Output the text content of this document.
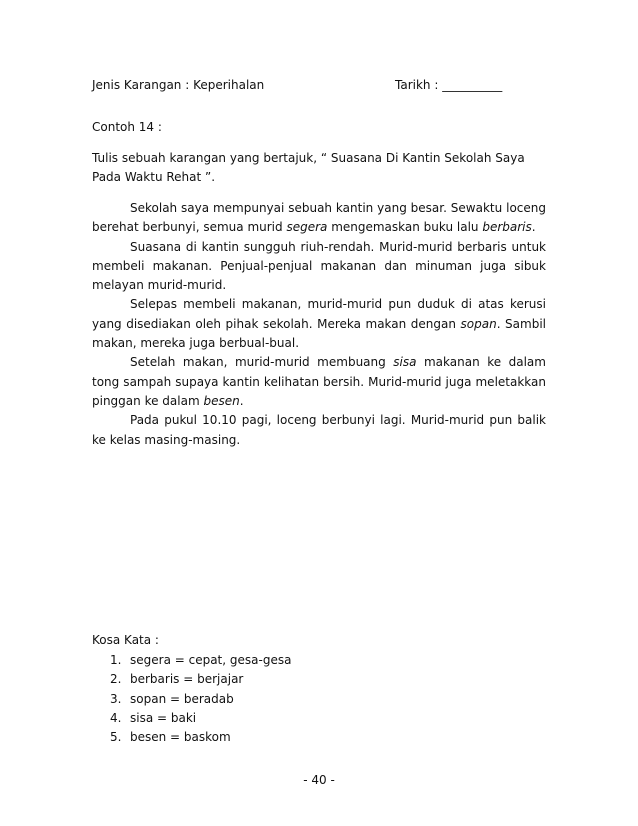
Jenis Karangan : Keperihalan	Tarikh : __________
Contoh 14 :
Tulis sebuah karangan yang bertajuk, “ Suasana Di Kantin Sekolah Saya Pada Waktu Rehat ”.

Sekolah saya mempunyai sebuah kantin yang besar. Sewaktu loceng berehat berbunyi, semua murid segera mengemaskan buku lalu berbaris.

Suasana di kantin sungguh riuh-rendah. Murid-murid berbaris untuk membeli makanan. Penjual-penjual makanan dan minuman juga sibuk melayan murid-murid.

Selepas membeli makanan, murid-murid pun duduk di atas kerusi yang disediakan oleh pihak sekolah. Mereka makan dengan sopan. Sambil makan, mereka juga berbual-bual.

Setelah makan, murid-murid membuang sisa makanan ke dalam tong sampah supaya kantin kelihatan bersih. Murid-murid juga meletakkan pinggan ke dalam besen.

Pada pukul 10.10 pagi, loceng berbunyi lagi. Murid-murid pun balik ke kelas masing-masing.

Kosa Kata :
1. segera = cepat, gesa-gesa
2. berbaris = berjajar
3. sopan = beradab
4. sisa = baki
5. besen = baskom
- 40 -
